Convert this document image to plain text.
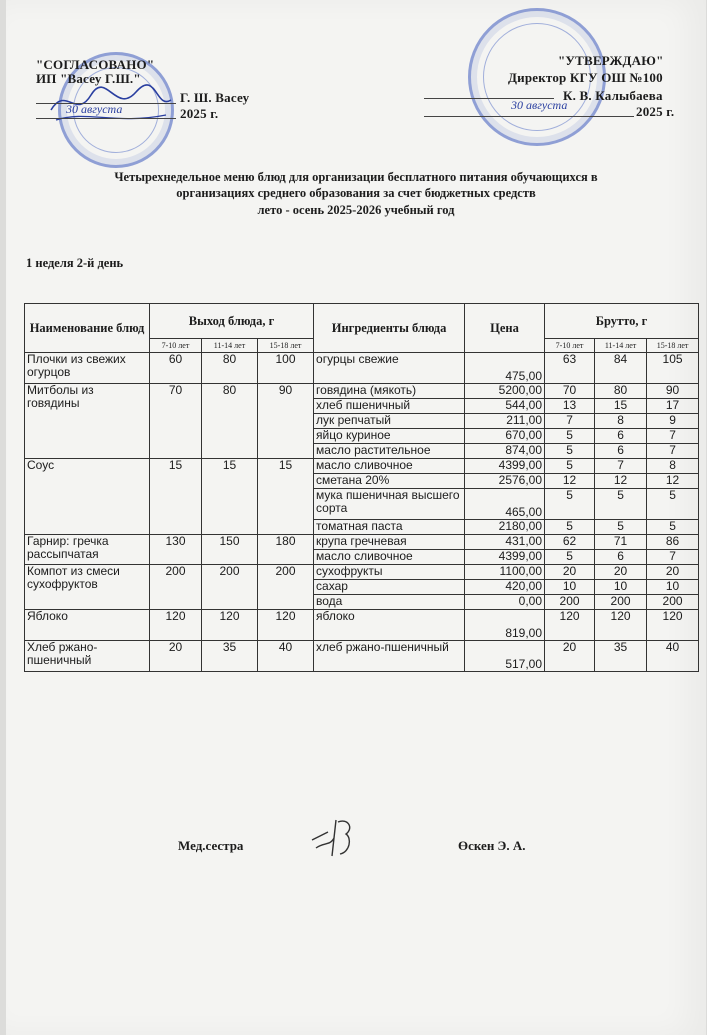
"СОГЛАСОВАНО"
ИП "Васеу Г.Ш."
Г. Ш. Васеу
30 августа	2025 г.
"УТВЕРЖДАЮ"
Директор КГУ ОШ №100
К. В. Калыбаева
30 августа	2025 г.
Четырехнедельное меню блюд для организации бесплатного питания обучающихся в
организациях среднего образования за счет бюджетных средств
лето - осень 2025-2026 учебный год
1 неделя 2-й день
Наименование блюд	Выход блюда, г			Ингредиенты блюда	Цена	Брутто, г		
	7-10 лет	11-14 лет	15-18 лет			7-10 лет	11-14 лет	15-18 лет
Плочки из свежих огурцов	60	80	100	огурцы свежие	475,00	63	84	105
Митболы из говядины	70	80	90	говядина (мякоть)	5200,00	70	80	90
				хлеб пшеничный	544,00	13	15	17
				лук репчатый	211,00	7	8	9
				яйцо куриное	670,00	5	6	7
				масло растительное	874,00	5	6	7
Соус	15	15	15	масло сливочное	4399,00	5	7	8
				сметана 20%	2576,00	12	12	12
				мука пшеничная высшего сорта	465,00	5	5	5
				томатная паста	2180,00	5	5	5
Гарнир: гречка рассыпчатая	130	150	180	крупа гречневая	431,00	62	71	86
				масло сливочное	4399,00	5	6	7
Компот из смеси сухофруктов	200	200	200	сухофрукты	1100,00	20	20	20
				сахар	420,00	10	10	10
				вода	0,00	200	200	200
Яблоко	120	120	120	яблоко	819,00	120	120	120
Хлеб ржано-пшеничный	20	35	40	хлеб ржано-пшеничный	517,00	20	35	40
Мед.сестра	Өскен Э. А.
